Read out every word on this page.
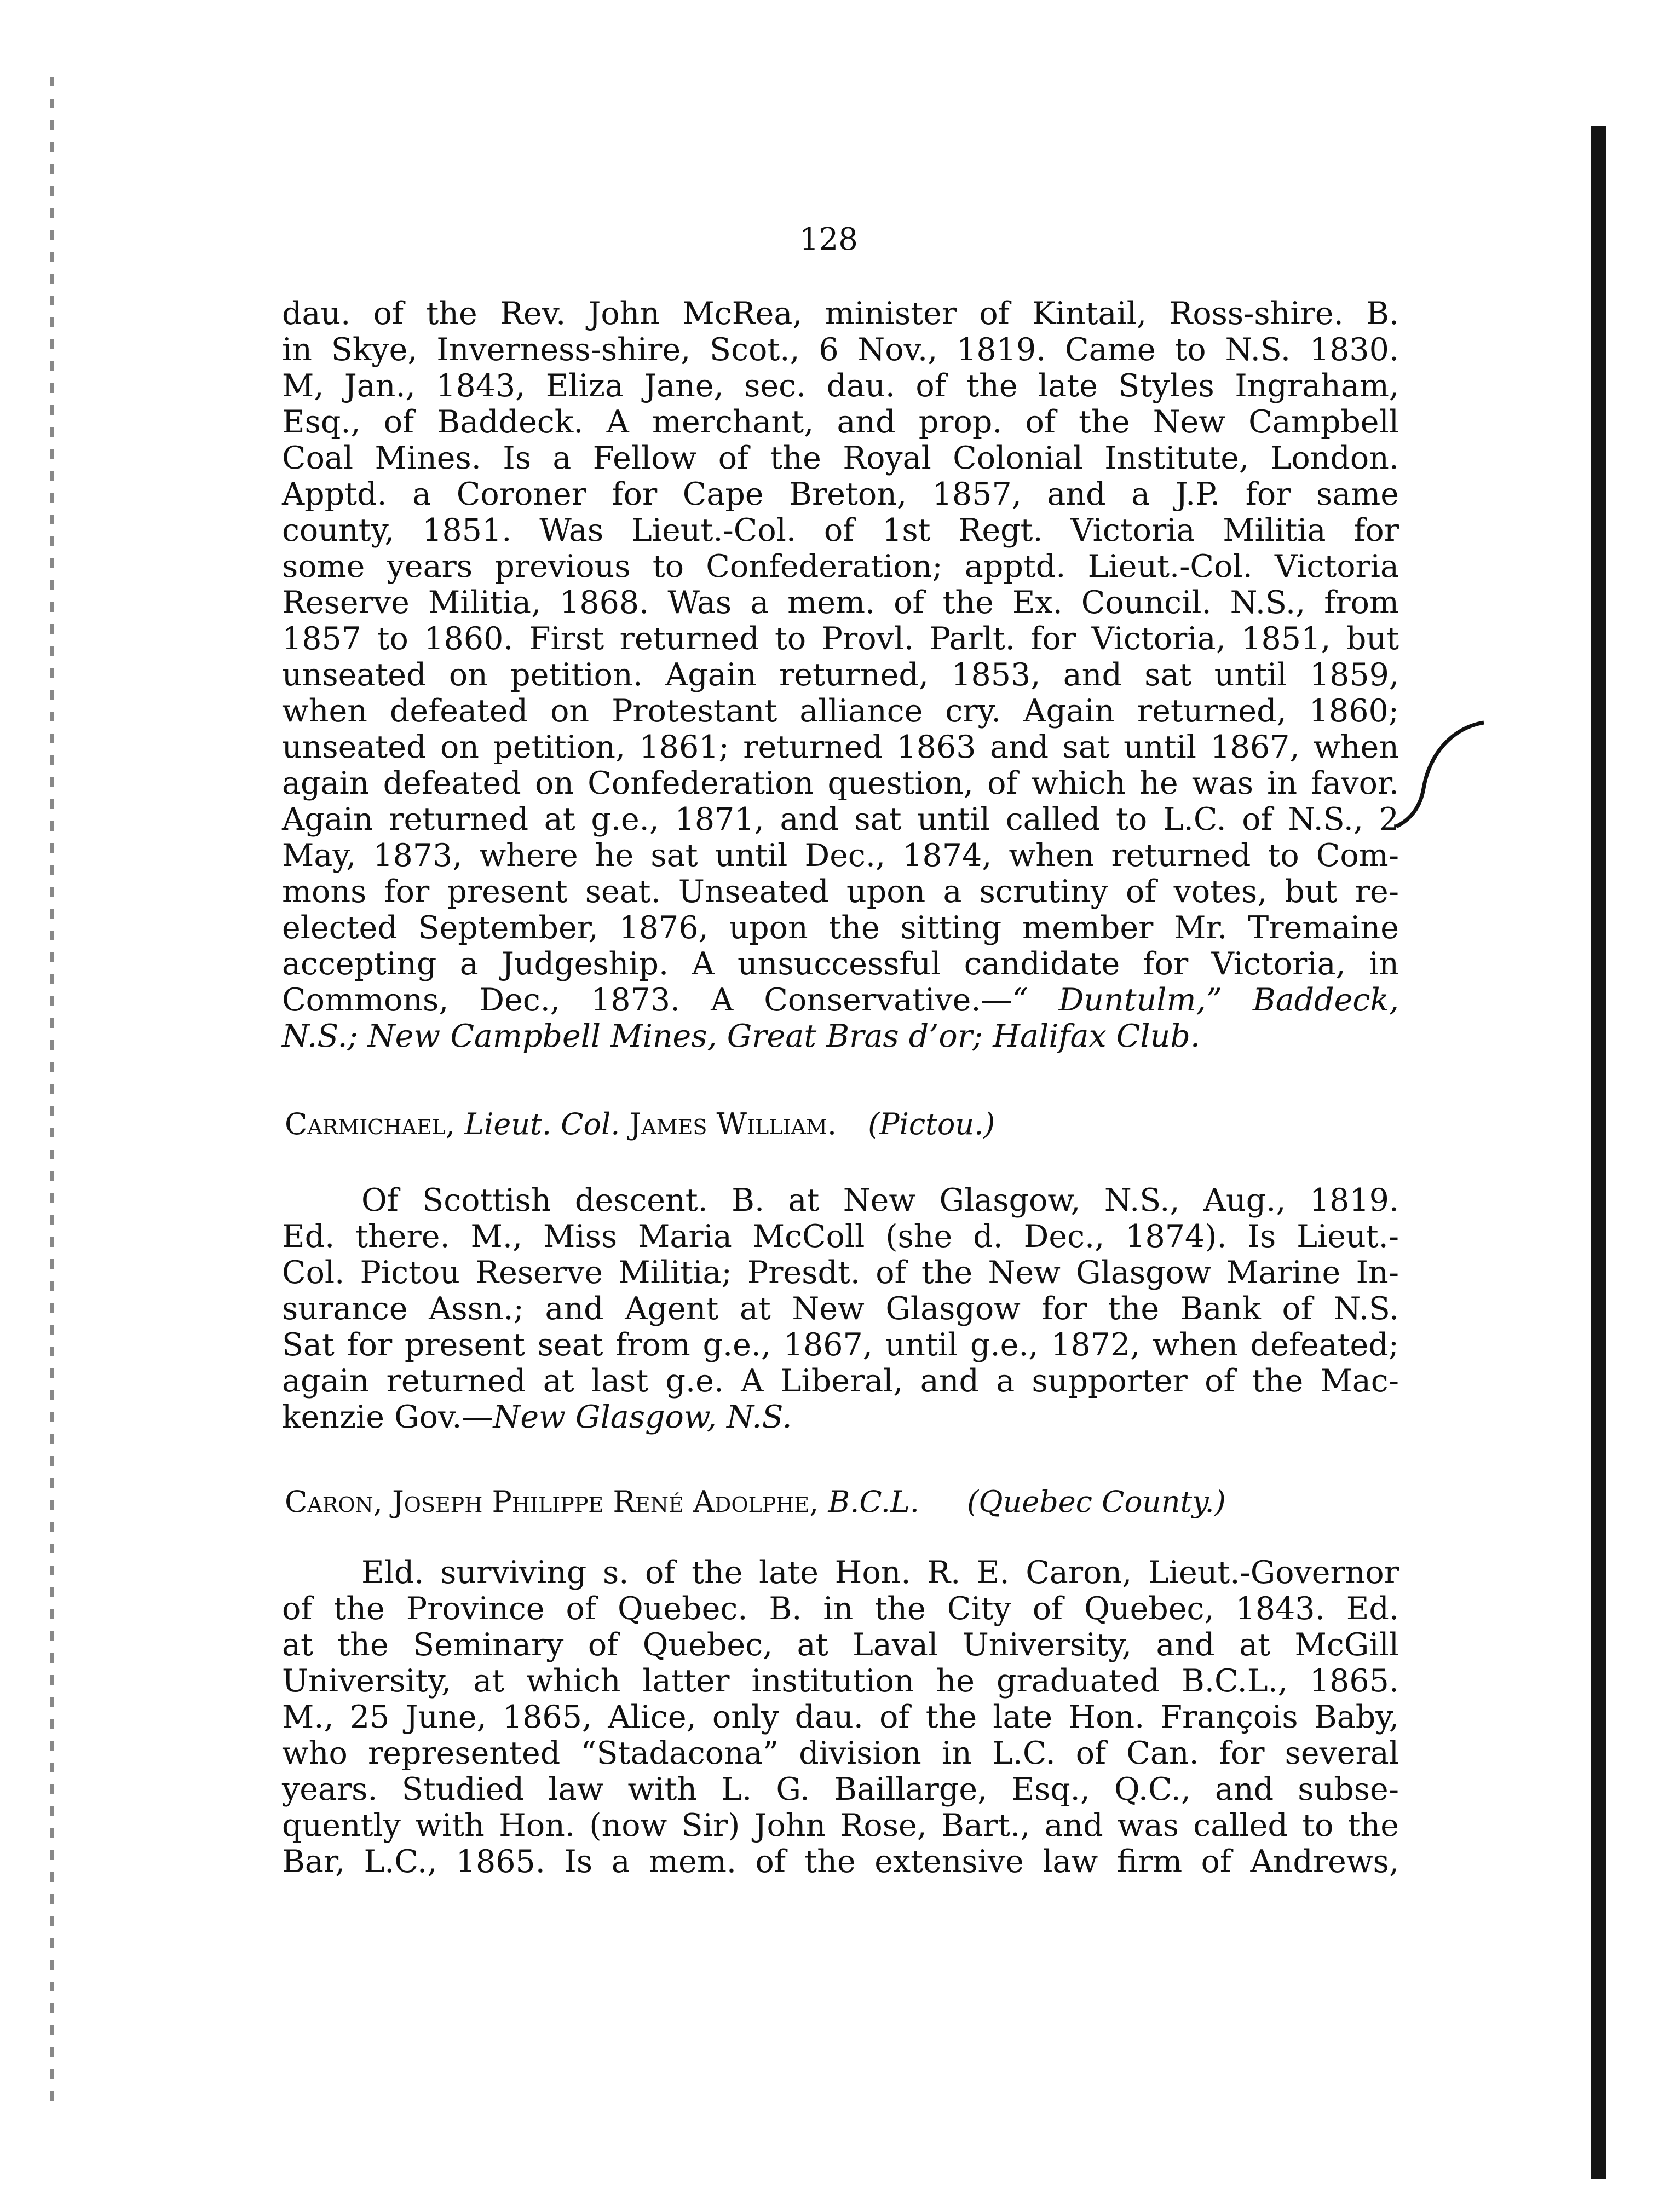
128
dau. of the Rev. John McRea, minister of Kintail, Ross-shire. B.
in Skye, Inverness-shire, Scot., 6 Nov., 1819. Came to N.S. 1830.
M, Jan., 1843, Eliza Jane, sec. dau. of the late Styles Ingraham,
Esq., of Baddeck. A merchant, and prop. of the New Campbell
Coal Mines. Is a Fellow of the Royal Colonial Institute, London.
Apptd. a Coroner for Cape Breton, 1857, and a J.P. for same
county, 1851. Was Lieut.-Col. of 1st Regt. Victoria Militia for
some years previous to Confederation; apptd. Lieut.-Col. Victoria
Reserve Militia, 1868. Was a mem. of the Ex. Council. N.S., from
1857 to 1860. First returned to Provl. Parlt. for Victoria, 1851, but
unseated on petition. Again returned, 1853, and sat until 1859,
when defeated on Protestant alliance cry. Again returned, 1860;
unseated on petition, 1861; returned 1863 and sat until 1867, when
again defeated on Confederation question, of which he was in favor.
Again returned at g.e., 1871, and sat until called to L.C. of N.S., 2
May, 1873, where he sat until Dec., 1874, when returned to Com-
mons for present seat. Unseated upon a scrutiny of votes, but re-
elected September, 1876, upon the sitting member Mr. Tremaine
accepting a Judgeship. A unsuccessful candidate for Victoria, in
Commons, Dec., 1873. A Conservative.—“ Duntulm,” Baddeck,
N.S.; New Campbell Mines, Great Bras d’or; Halifax Club.
Carmichael, Lieut. Col. James William. (Pictou.)
Of Scottish descent. B. at New Glasgow, N.S., Aug., 1819.
Ed. there. M., Miss Maria McColl (she d. Dec., 1874). Is Lieut.-
Col. Pictou Reserve Militia; Presdt. of the New Glasgow Marine In-
surance Assn.; and Agent at New Glasgow for the Bank of N.S.
Sat for present seat from g.e., 1867, until g.e., 1872, when defeated;
again returned at last g.e. A Liberal, and a supporter of the Mac-
kenzie Gov.—New Glasgow, N.S.
Caron, Joseph Philippe René Adolphe, B.C.L. (Quebec County.)
Eld. surviving s. of the late Hon. R. E. Caron, Lieut.-Governor
of the Province of Quebec. B. in the City of Quebec, 1843. Ed.
at the Seminary of Quebec, at Laval University, and at McGill
University, at which latter institution he graduated B.C.L., 1865.
M., 25 June, 1865, Alice, only dau. of the late Hon. François Baby,
who represented “Stadacona” division in L.C. of Can. for several
years. Studied law with L. G. Baillarge, Esq., Q.C., and subse-
quently with Hon. (now Sir) John Rose, Bart., and was called to the
Bar, L.C., 1865. Is a mem. of the extensive law firm of Andrews,
